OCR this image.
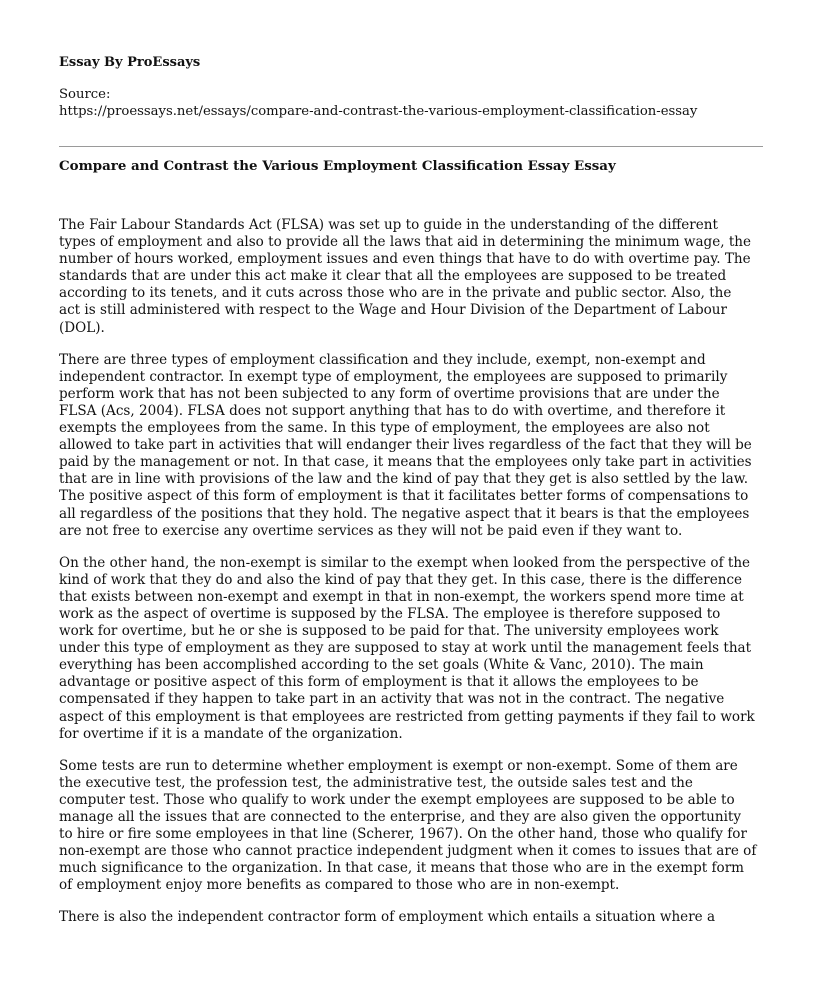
Essay By ProEssays
Source:
https://proessays.net/essays/compare-and-contrast-the-various-employment-classification-essay
Compare and Contrast the Various Employment Classification Essay Essay

The Fair Labour Standards Act (FLSA) was set up to guide in the understanding of the different
types of employment and also to provide all the laws that aid in determining the minimum wage, the
number of hours worked, employment issues and even things that have to do with overtime pay. The
standards that are under this act make it clear that all the employees are supposed to be treated
according to its tenets, and it cuts across those who are in the private and public sector. Also, the
act is still administered with respect to the Wage and Hour Division of the Department of Labour
(DOL).

There are three types of employment classification and they include, exempt, non-exempt and
independent contractor. In exempt type of employment, the employees are supposed to primarily
perform work that has not been subjected to any form of overtime provisions that are under the
FLSA (Acs, 2004). FLSA does not support anything that has to do with overtime, and therefore it
exempts the employees from the same. In this type of employment, the employees are also not
allowed to take part in activities that will endanger their lives regardless of the fact that they will be
paid by the management or not. In that case, it means that the employees only take part in activities
that are in line with provisions of the law and the kind of pay that they get is also settled by the law.
The positive aspect of this form of employment is that it facilitates better forms of compensations to
all regardless of the positions that they hold. The negative aspect that it bears is that the employees
are not free to exercise any overtime services as they will not be paid even if they want to.

On the other hand, the non-exempt is similar to the exempt when looked from the perspective of the
kind of work that they do and also the kind of pay that they get. In this case, there is the difference
that exists between non-exempt and exempt in that in non-exempt, the workers spend more time at
work as the aspect of overtime is supposed by the FLSA. The employee is therefore supposed to
work for overtime, but he or she is supposed to be paid for that. The university employees work
under this type of employment as they are supposed to stay at work until the management feels that
everything has been accomplished according to the set goals (White & Vanc, 2010). The main
advantage or positive aspect of this form of employment is that it allows the employees to be
compensated if they happen to take part in an activity that was not in the contract. The negative
aspect of this employment is that employees are restricted from getting payments if they fail to work
for overtime if it is a mandate of the organization.

Some tests are run to determine whether employment is exempt or non-exempt. Some of them are
the executive test, the profession test, the administrative test, the outside sales test and the
computer test. Those who qualify to work under the exempt employees are supposed to be able to
manage all the issues that are connected to the enterprise, and they are also given the opportunity
to hire or fire some employees in that line (Scherer, 1967). On the other hand, those who qualify for
non-exempt are those who cannot practice independent judgment when it comes to issues that are of
much significance to the organization. In that case, it means that those who are in the exempt form
of employment enjoy more benefits as compared to those who are in non-exempt.

There is also the independent contractor form of employment which entails a situation where a
